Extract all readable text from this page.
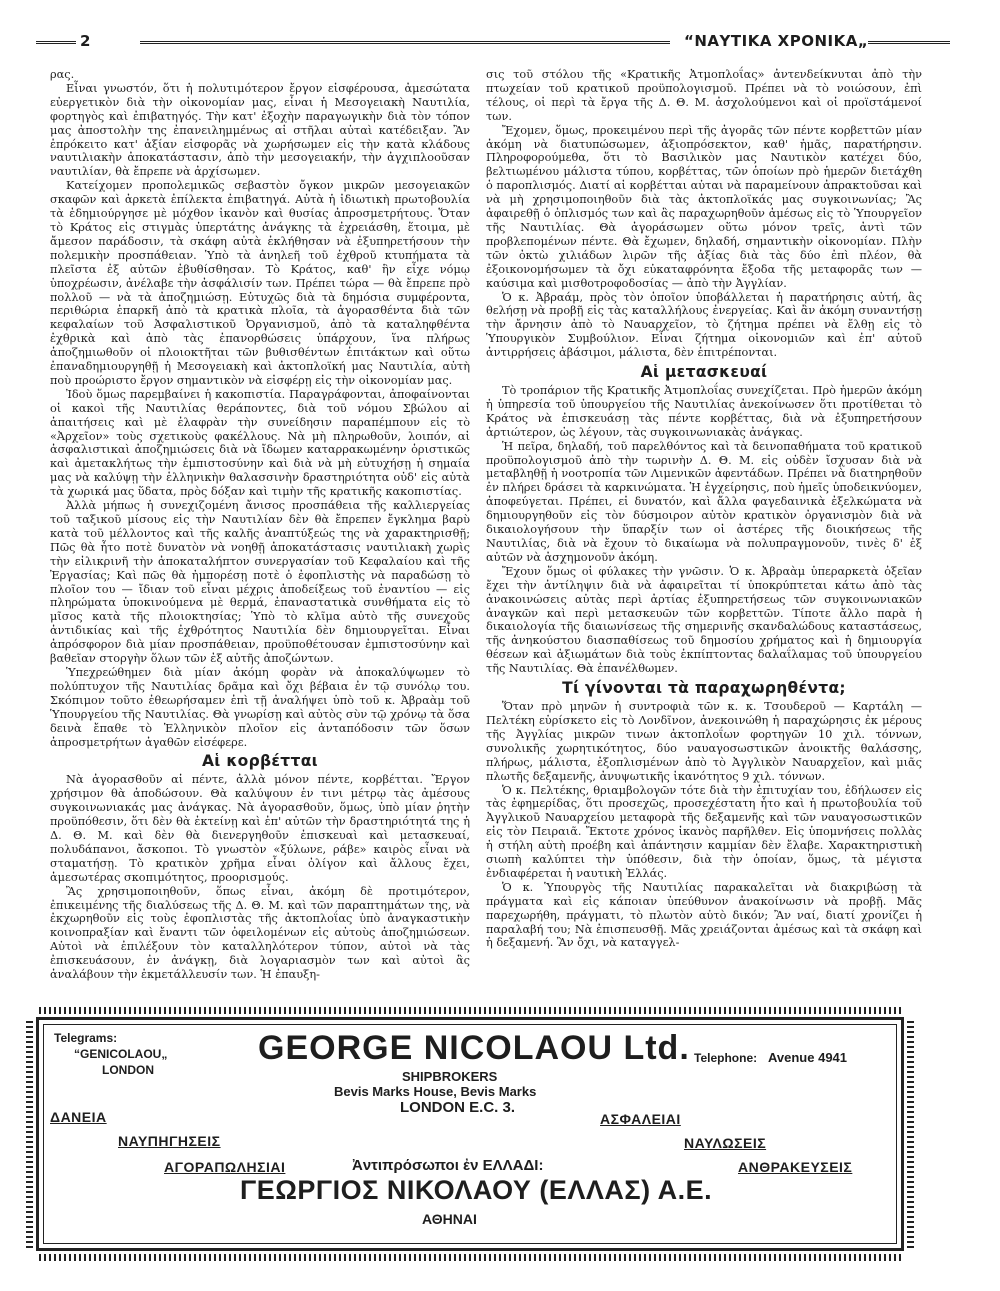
2	“ΝΑΥΤΙΚΑ ΧΡΟΝΙΚΑ„

ρας.

Εἶναι γνωστόν, ὅτι ἡ πολυτιμότερον ἔργον εἰσφέρουσα, ἀμεσώτατα εὐεργετικὸν διὰ τὴν οἰκονομίαν μας, εἶναι ἡ Μεσογειακὴ Ναυτιλία, φορτηγὸς καὶ ἐπιβατηγός. Τὴν κατ' ἐξοχὴν παραγωγικὴν διὰ τὸν τόπον μας ἀποστολὴν της ἐπανειλημμένως αἱ στῆλαι αὐταὶ κατέδειξαν. Ἂν ἐπρόκειτο κατ' ἀξίαν εἰσφορᾶς νὰ χωρήσωμεν εἰς τὴν κατὰ κλάδους ναυτιλιακὴν ἀποκατάστασιν, ἀπὸ τὴν μεσογειακήν, τὴν ἀγχιπλοοῦσαν ναυτιλίαν, θὰ ἔπρεπε νὰ ἀρχίσωμεν.

Κατείχομεν προπολεμικῶς σεβαστὸν ὄγκον μικρῶν μεσογειακῶν σκαφῶν καὶ ἀρκετὰ ἐπίλεκτα ἐπιβατηγά. Αὐτὰ ἡ ἰδιωτικὴ πρωτοβουλία τὰ ἐδημιούργησε μὲ μόχθον ἱκανὸν καὶ θυσίας ἀπροσμετρήτους. Ὅταν τὸ Κράτος εἰς στιγμὰς ὑπερτάτης ἀνάγκης τὰ ἐχρειάσθη, ἕτοιμα, μὲ ἄμεσον παράδοσιν, τὰ σκάφη αὐτὰ ἐκλήθησαν νὰ ἐξυπηρετήσουν τὴν πολεμικὴν προσπάθειαν. Ὑπὸ τὰ ἀνηλεῆ τοῦ ἐχθροῦ κτυπήματα τὰ πλεῖστα ἐξ αὐτῶν ἐβυθίσθησαν. Τὸ Κράτος, καθ' ἣν εἶχε νόμῳ ὑποχρέωσιν, ἀνέλαβε τὴν ἀσφάλισίν των. Πρέπει τώρα — θὰ ἔπρεπε πρὸ πολλοῦ — νὰ τὰ ἀποζημιώσῃ. Εὐτυχῶς διὰ τὰ δημόσια συμφέροντα, περιθώρια ἐπαρκῆ ἀπὸ τὰ κρατικὰ πλοῖα, τὰ ἀγορασθέντα διὰ τῶν κεφαλαίων τοῦ Ἀσφαλιστικοῦ Ὀργανισμοῦ, ἀπὸ τὰ καταληφθέντα ἐχθρικὰ καὶ ἀπὸ τὰς ἐπανορθώσεις ὑπάρχουν, ἵνα πλήρως ἀποζημιωθοῦν οἱ πλοιοκτῆται τῶν βυθισθέντων ἐπιτάκτων καὶ οὕτω ἐπαναδημιουργηθῇ ἡ Μεσογειακὴ καὶ ἀκτοπλοϊκή μας Ναυτιλία, αὐτὴ ποὺ προώριστο ἔργον σημαντικὸν νὰ εἰσφέρῃ εἰς τὴν οἰκονομίαν μας.

Ἰδοὺ ὅμως παρεμβαίνει ἡ κακοπιστία. Παραγράφονται, ἀποφαίνονται οἱ κακοὶ τῆς Ναυτιλίας θεράποντες, διὰ τοῦ νόμου Σβώλου αἱ ἀπαιτήσεις καὶ μὲ ἐλαφρὰν τὴν συνείδησιν παραπέμπουν εἰς τὸ «Ἀρχεῖον» τοὺς σχετικοὺς φακέλλους. Νὰ μὴ πληρωθοῦν, λοιπόν, αἱ ἀσφαλιστικαὶ ἀποζημιώσεις διὰ νὰ ἴδωμεν καταρρακωμένην ὁριστικῶς καὶ ἀμετακλήτως τὴν ἐμπιστοσύνην καὶ διὰ νὰ μὴ εὐτυχήσῃ ἡ σημαία μας νὰ καλύψῃ τὴν ἑλληνικὴν θαλασσινὴν δραστηριότητα οὐδ' εἰς αὐτὰ τὰ χωρικά μας ὕδατα, πρὸς δόξαν καὶ τιμὴν τῆς κρατικῆς κακοπιστίας.

Ἀλλὰ μήπως ἡ συνεχιζομένη ἄνισος προσπάθεια τῆς καλλιεργείας τοῦ ταξικοῦ μίσους εἰς τὴν Ναυτιλίαν δὲν θὰ ἔπρεπεν ἔγκλημα βαρὺ κατὰ τοῦ μέλλοντος καὶ τῆς καλῆς ἀναπτύξεώς της νὰ χαρακτηρισθῇ; Πῶς θὰ ἦτο ποτὲ δυνατὸν νὰ νοηθῇ ἀποκατάστασις ναυτιλιακὴ χωρὶς τὴν εἰλικρινῆ τὴν ἀποκαταλήπτον συνεργασίαν τοῦ Κεφαλαίου καὶ τῆς Ἐργασίας; Καὶ πῶς θὰ ἠμπορέσῃ ποτὲ ὁ ἐφοπλιστὴς νὰ παραδώσῃ τὸ πλοῖον του — ἴδιαν τοῦ εἶναι μέχρις ἀποδείξεως τοῦ ἐναντίου — εἰς πληρώματα ὑποκινούμενα μὲ θερμά, ἐπαναστατικὰ συνθήματα εἰς τὸ μῖσος κατὰ τῆς πλοιοκτησίας; Ὑπὸ τὸ κλῖμα αὐτὸ τῆς συνεχοῦς ἀντιδικίας καὶ τῆς ἐχθρότητος Ναυτιλία δὲν δημιουργεῖται. Εἶναι ἀπρόσφορον διὰ μίαν προσπάθειαν, προϋποθέτουσαν ἐμπιστοσύνην καὶ βαθεῖαν στοργὴν ὅλων τῶν ἐξ αὐτῆς ἀποζώντων.

Ὑπεχρεώθημεν διὰ μίαν ἀκόμη φορὰν νὰ ἀποκαλύψωμεν τὸ πολύπτυχον τῆς Ναυτιλίας δρᾶμα καὶ ὄχι βέβαια ἐν τῷ συνόλῳ του. Σκόπιμον τοῦτο ἐθεωρήσαμεν ἐπὶ τῇ ἀναλήψει ὑπὸ τοῦ κ. Ἀβραὰμ τοῦ Ὑπουργείου τῆς Ναυτιλίας. Θὰ γνωρίσῃ καὶ αὐτὸς σὺν τῷ χρόνῳ τὰ ὅσα δεινὰ ἔπαθε τὸ Ἑλληνικὸν πλοῖον εἰς ἀνταπόδοσιν τῶν ὅσων ἀπροσμετρήτων ἀγαθῶν εἰσέφερε.

Αἱ κορβέτται

Νὰ ἀγορασθοῦν αἱ πέντε, ἀλλὰ μόνον πέντε, κορβέτται. Ἔργον χρήσιμον θὰ ἀποδώσουν. Θὰ καλύψουν ἐν τινι μέτρῳ τὰς ἀμέσους συγκοινωνιακάς μας ἀνάγκας. Νὰ ἀγορασθοῦν, ὅμως, ὑπὸ μίαν ῥητὴν προϋπόθεσιν, ὅτι δὲν θὰ ἐκτείνῃ καὶ ἐπ' αὐτῶν τὴν δραστηριότητά της ἡ Δ. Θ. Μ. καὶ δὲν θὰ διενεργηθοῦν ἐπισκευαὶ καὶ μετασκευαί, πολυδάπανοι, ἄσκοποι. Τὸ γνωστὸν «ξύλωνε, ράβε» καιρὸς εἶναι νὰ σταματήσῃ. Τὸ κρατικὸν χρῆμα εἶναι ὀλίγον καὶ ἄλλους ἔχει, ἀμεσωτέρας σκοπιμότητος, προορισμούς.

Ἂς χρησιμοποιηθοῦν, ὅπως εἶναι, ἀκόμη δὲ προτιμότερον, ἐπικειμένης τῆς διαλύσεως τῆς Δ. Θ. Μ. καὶ τῶν παραπτημάτων της, νὰ ἐκχωρηθοῦν εἰς τοὺς ἐφοπλιστὰς τῆς ἀκτοπλοΐας ὑπὸ ἀναγκαστικὴν κοινοπραξίαν καὶ ἔναντι τῶν ὀφειλομένων εἰς αὐτοὺς ἀποζημιώσεων. Αὐτοὶ νὰ ἐπιλέξουν τὸν καταλληλότερον τύπον, αὐτοὶ νὰ τὰς ἐπισκευάσουν, ἐν ἀνάγκῃ, διὰ λογαριασμὸν των καὶ αὐτοὶ ἂς ἀναλάβουν τὴν ἐκμετάλλευσίν των. Ἡ ἐπαυξη-

σις τοῦ στόλου τῆς «Κρατικῆς Ἀτμοπλοΐας» ἀντενδείκνυται ἀπὸ τὴν πτωχείαν τοῦ κρατικοῦ προϋπολογισμοῦ. Πρέπει νὰ τὸ νοιώσουν, ἐπὶ τέλους, οἱ περὶ τὰ ἔργα τῆς Δ. Θ. Μ. ἀσχολούμενοι καὶ οἱ προϊστάμενοί των.

Ἔχομεν, ὅμως, προκειμένου περὶ τῆς ἀγορᾶς τῶν πέντε κορβεττῶν μίαν ἀκόμη νὰ διατυπώσωμεν, ἀξιοπρόσεκτον, καθ' ἡμᾶς, παρατήρησιν. Πληροφορούμεθα, ὅτι τὸ Βασιλικὸν μας Ναυτικὸν κατέχει δύο, βελτιωμένου μάλιστα τύπου, κορβέττας, τῶν ὁποίων πρὸ ἡμερῶν διετάχθη ὁ παροπλισμός. Διατί αἱ κορβέτται αὐται νὰ παραμείνουν ἀπρακτοῦσαι καὶ νὰ μὴ χρησιμοποιηθοῦν διὰ τὰς ἀκτοπλοϊκάς μας συγκοινωνίας; Ἂς ἀφαιρεθῇ ὁ ὁπλισμός των καὶ ἂς παραχωρηθοῦν ἀμέσως εἰς τὸ Ὑπουργεῖον τῆς Ναυτιλίας. Θὰ ἀγοράσωμεν οὕτω μόνον τρεῖς, ἀντὶ τῶν προβλεπομένων πέντε. Θὰ ἔχωμεν, δηλαδή, σημαντικὴν οἰκονομίαν. Πλὴν τῶν ὀκτὼ χιλιάδων λιρῶν τῆς ἀξίας διὰ τὰς δύο ἐπὶ πλέον, θὰ ἐξοικονομήσωμεν τὰ ὄχι εὐκαταφρόνητα ἔξοδα τῆς μεταφορᾶς των — καύσιμα καὶ μισθοτροφοδοσίας — ἀπὸ τὴν Ἀγγλίαν.

Ὁ κ. Ἀβραάμ, πρὸς τὸν ὁποῖον ὑποβάλλεται ἡ παρατήρησις αὐτή, ἂς θελήσῃ νὰ προβῇ εἰς τὰς καταλλήλους ἐνεργείας. Καὶ ἂν ἀκόμη συναντήσῃ τὴν ἄρνησιν ἀπὸ τὸ Ναυαρχεῖον, τὸ ζήτημα πρέπει νὰ ἔλθῃ εἰς τὸ Ὑπουργικὸν Συμβούλιον. Εἶναι ζήτημα οἰκονομιῶν καὶ ἐπ' αὐτοῦ ἀντιρρήσεις ἀβάσιμοι, μάλιστα, δὲν ἐπιτρέπονται.

Αἱ μετασκευαί

Τὸ τροπάριον τῆς Κρατικῆς Ἀτμοπλοΐας συνεχίζεται. Πρὸ ἡμερῶν ἀκόμη ἡ ὑπηρεσία τοῦ ὑπουργείου τῆς Ναυτιλίας ἀνεκοίνωσεν ὅτι προτίθεται τὸ Κράτος νὰ ἐπισκευάσῃ τὰς πέντε κορβέττας, διὰ νὰ ἐξυπηρετήσουν ἀρτιώτερον, ὡς λέγουν, τὰς συγκοινωνιακὰς ἀνάγκας.

Ἡ πεῖρα, δηλαδή, τοῦ παρελθόντος καὶ τὰ δεινοπαθήματα τοῦ κρατικοῦ προϋπολογισμοῦ ἀπὸ τὴν τωρινὴν Δ. Θ. Μ. εἰς οὐδὲν ἴσχυσαν διὰ νὰ μεταβληθῇ ἡ νοοτροπία τῶν Λιμενικῶν ἀφεντάδων. Πρέπει νὰ διατηρηθοῦν ἐν πλήρει δράσει τὰ καρκινώματα. Ἡ ἐγχείρησις, ποὺ ἡμεῖς ὑποδεικνύομεν, ἀποφεύγεται. Πρέπει, εἰ δυνατόν, καὶ ἄλλα φαγεδαινικὰ ἐξελκώματα νὰ δημιουργηθοῦν εἰς τὸν δύσμοιρον αὐτὸν κρατικὸν ὀργανισμὸν διὰ νὰ δικαιολογήσουν τὴν ὕπαρξίν των οἱ ἀστέρες τῆς διοικήσεως τῆς Ναυτιλίας, διὰ νὰ ἔχουν τὸ δικαίωμα νὰ πολυπραγμονοῦν, τινὲς δ' ἐξ αὐτῶν νὰ ἀσχημονοῦν ἀκόμη.

Ἔχουν ὅμως οἱ φύλακες τὴν γνῶσιν. Ὁ κ. Ἀβραὰμ ὑπεραρκετὰ ὀξεῖαν ἔχει τὴν ἀντίληψιν διὰ νὰ ἀφαιρεῖται τί ὑποκρύπτεται κάτω ἀπὸ τὰς ἀνακοινώσεις αὐτὰς περὶ ἀρτίας ἐξυπηρετήσεως τῶν συγκοινωνιακῶν ἀναγκῶν καὶ περὶ μετασκευῶν τῶν κορβεττῶν. Τίποτε ἄλλο παρὰ ἡ δικαιολογία τῆς διαιωνίσεως τῆς σημερινῆς σκανδαλώδους καταστάσεως, τῆς ἀνηκούστου διασπαθίσεως τοῦ δημοσίου χρήματος καὶ ἡ δημιουργία θέσεων καὶ ἀξιωμάτων διὰ τοὺς ἐκπίπτοντας δαλαΐλαμας τοῦ ὑπουργείου τῆς Ναυτιλίας. Θὰ ἐπανέλθωμεν.

Τί γίνονται τὰ παραχωρηθέντα;

Ὅταν πρὸ μηνῶν ἡ συντροφιὰ τῶν κ. κ. Τσουδεροῦ — Καρτάλη — Πελτέκη εὑρίσκετο εἰς τὸ Λονδῖνον, ἀνεκοινώθη ἡ παραχώρησις ἐκ μέρους τῆς Ἀγγλίας μικρῶν τινων ἀκτοπλοΐων φορτηγῶν 10 χιλ. τόννων, συνολικῆς χωρητικότητος, δύο ναυαγοσωστικῶν ἀνοικτῆς θαλάσσης, πλήρως, μάλιστα, ἐξοπλισμένων ἀπὸ τὸ Ἀγγλικὸν Ναυαρχεῖον, καὶ μιᾶς πλωτῆς δεξαμενῆς, ἀνυψωτικῆς ἱκανότητος 9 χιλ. τόννων.

Ὁ κ. Πελτέκης, θριαμβολογῶν τότε διὰ τὴν ἐπιτυχίαν του, ἐδήλωσεν εἰς τὰς ἐφημερίδας, ὅτι προσεχῶς, προσεχέστατη ἦτο καὶ ἡ πρωτοβουλία τοῦ Ἀγγλικοῦ Ναυαρχείου μεταφορὰ τῆς δεξαμενῆς καὶ τῶν ναυαγοσωστικῶν εἰς τὸν Πειραιᾶ. Ἔκτοτε χρόνος ἱκανὸς παρῆλθεν. Εἰς ὑπομνήσεις πολλὰς ἡ στήλη αὐτὴ προέβη καὶ ἀπάντησιν καμμίαν δὲν ἔλαβε. Χαρακτηριστικὴ σιωπὴ καλύπτει τὴν ὑπόθεσιν, διὰ τὴν ὁποίαν, ὅμως, τὰ μέγιστα ἐνδιαφέρεται ἡ ναυτικὴ Ἑλλάς.

Ὁ κ. Ὑπουργὸς τῆς Ναυτιλίας παρακαλεῖται νὰ διακριβώσῃ τὰ πράγματα καὶ εἰς κάποιαν ὑπεύθυνον ἀνακοίνωσιν νὰ προβῇ. Μᾶς παρεχωρήθη, πράγματι, τὸ πλωτὸν αὐτὸ δικόν; Ἂν ναί, διατί χρονίζει ἡ παραλαβή του; Νὰ ἐπισπευσθῇ. Μᾶς χρειάζονται ἀμέσως καὶ τὰ σκάφη καὶ ἡ δεξαμενή. Ἂν ὄχι, νὰ καταγγελ-

Telegrams:
“GENICOLAOU„
LONDON
GEORGE NICOLAOU Ltd.
SHIPBROKERS
Bevis Marks House, Bevis Marks
LONDON E.C. 3.
Telephone: Avenue 4941
ΔΑΝΕΙΑ
ΝΑΥΠΗΓΗΣΕΙΣ
ΑΓΟΡΑΠΩΛΗΣΙΑΙ
ΑΣΦΑΛΕΙΑΙ
ΝΑΥΛΩΣΕΙΣ
ΑΝΘΡΑΚΕΥΣΕΙΣ
Ἀντιπρόσωποι ἐν ΕΛΛΑΔΙ:
ΓΕΩΡΓΙΟΣ ΝΙΚΟΛΑΟΥ (ΕΛΛΑΣ) Α.Ε.
ΑΘΗΝΑΙ
